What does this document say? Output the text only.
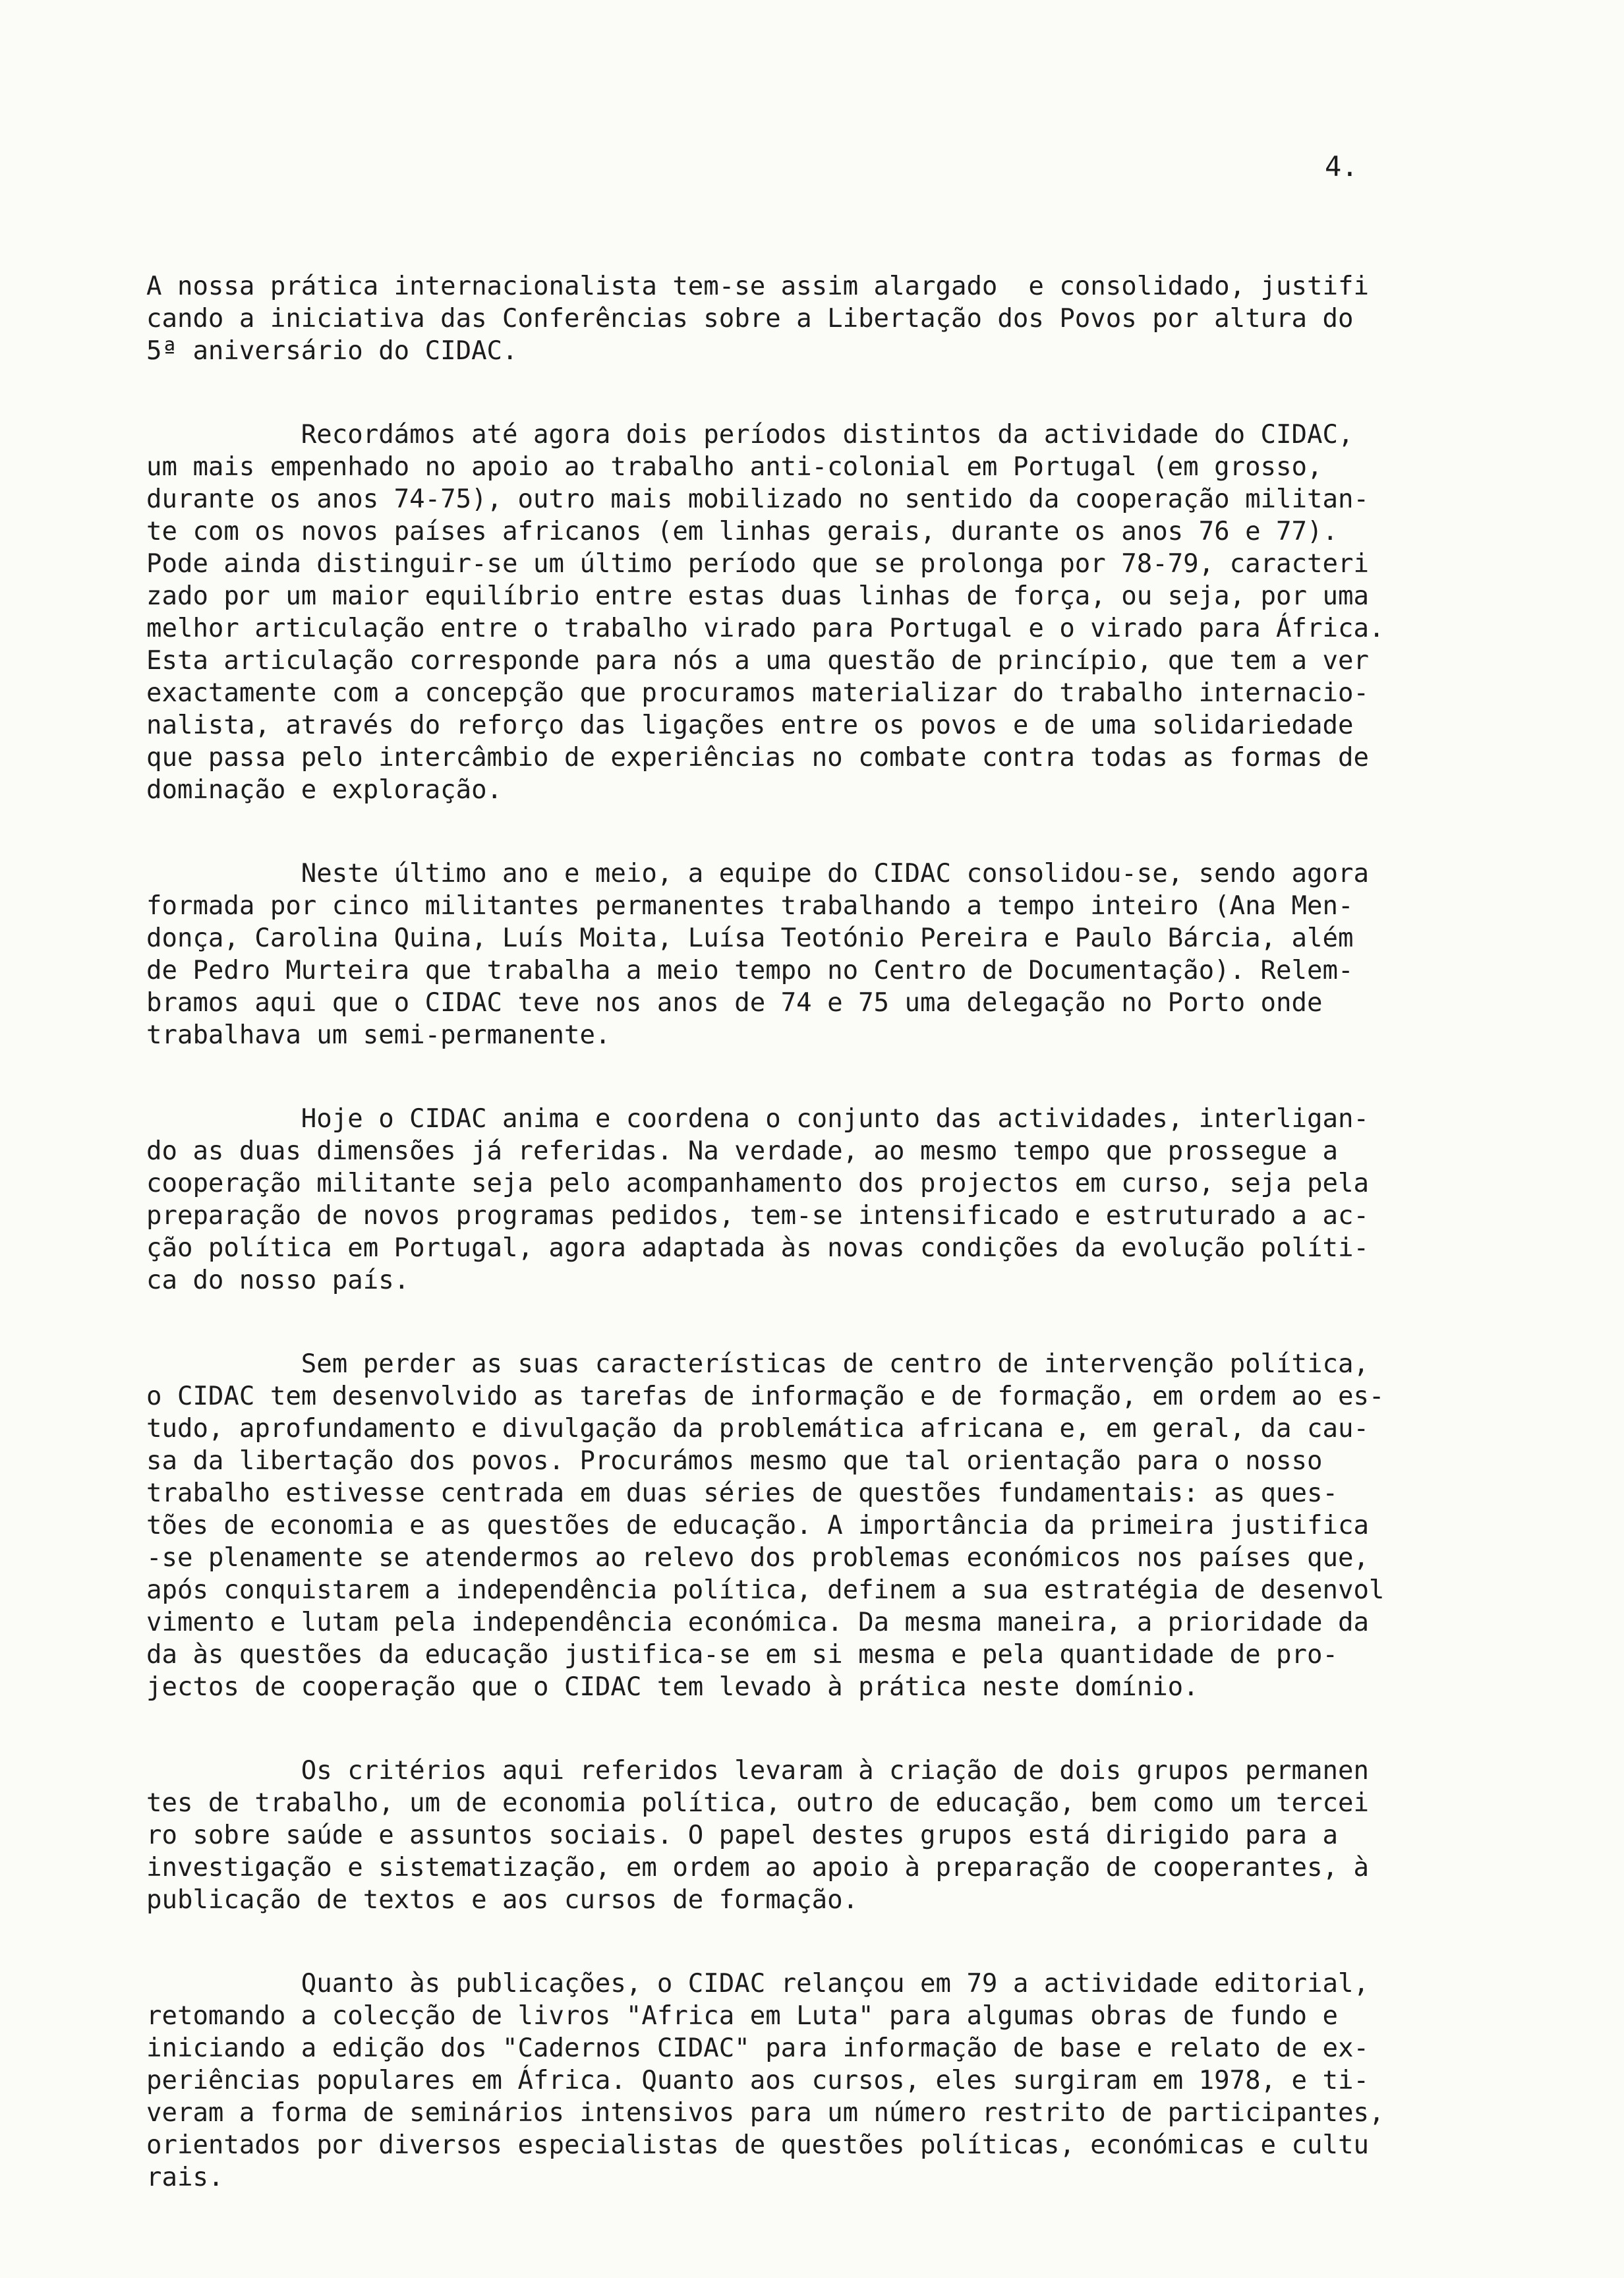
4.
A nossa prática internacionalista tem-se assim alargado  e consolidado, justifi
cando a iniciativa das Conferências sobre a Libertação dos Povos por altura do
5ª aniversário do CIDAC.
Recordámos até agora dois períodos distintos da actividade do CIDAC,
um mais empenhado no apoio ao trabalho anti-colonial em Portugal (em grosso,
durante os anos 74-75), outro mais mobilizado no sentido da cooperação militan-
te com os novos países africanos (em linhas gerais, durante os anos 76 e 77).
Pode ainda distinguir-se um último período que se prolonga por 78-79, caracteri
zado por um maior equilíbrio entre estas duas linhas de força, ou seja, por uma
melhor articulação entre o trabalho virado para Portugal e o virado para África.
Esta articulação corresponde para nós a uma questão de princípio, que tem a ver
exactamente com a concepção que procuramos materializar do trabalho internacio-
nalista, através do reforço das ligações entre os povos e de uma solidariedade
que passa pelo intercâmbio de experiências no combate contra todas as formas de
dominação e exploração.
Neste último ano e meio, a equipe do CIDAC consolidou-se, sendo agora
formada por cinco militantes permanentes trabalhando a tempo inteiro (Ana Men-
donça, Carolina Quina, Luís Moita, Luísa Teotónio Pereira e Paulo Bárcia, além
de Pedro Murteira que trabalha a meio tempo no Centro de Documentação). Relem-
bramos aqui que o CIDAC teve nos anos de 74 e 75 uma delegação no Porto onde
trabalhava um semi-permanente.
Hoje o CIDAC anima e coordena o conjunto das actividades, interligan-
do as duas dimensões já referidas. Na verdade, ao mesmo tempo que prossegue a
cooperação militante seja pelo acompanhamento dos projectos em curso, seja pela
preparação de novos programas pedidos, tem-se intensificado e estruturado a ac-
ção política em Portugal, agora adaptada às novas condições da evolução políti-
ca do nosso país.
Sem perder as suas características de centro de intervenção política,
o CIDAC tem desenvolvido as tarefas de informação e de formação, em ordem ao es-
tudo, aprofundamento e divulgação da problemática africana e, em geral, da cau-
sa da libertação dos povos. Procurámos mesmo que tal orientação para o nosso
trabalho estivesse centrada em duas séries de questões fundamentais: as ques-
tões de economia e as questões de educação. A importância da primeira justifica
-se plenamente se atendermos ao relevo dos problemas económicos nos países que,
após conquistarem a independência política, definem a sua estratégia de desenvol
vimento e lutam pela independência económica. Da mesma maneira, a prioridade da
da às questões da educação justifica-se em si mesma e pela quantidade de pro-
jectos de cooperação que o CIDAC tem levado à prática neste domínio.
Os critérios aqui referidos levaram à criação de dois grupos permanen
tes de trabalho, um de economia política, outro de educação, bem como um tercei
ro sobre saúde e assuntos sociais. O papel destes grupos está dirigido para a
investigação e sistematização, em ordem ao apoio à preparação de cooperantes, à
publicação de textos e aos cursos de formação.
Quanto às publicações, o CIDAC relançou em 79 a actividade editorial,
retomando a colecção de livros "Africa em Luta" para algumas obras de fundo e
iniciando a edição dos "Cadernos CIDAC" para informação de base e relato de ex-
periências populares em África. Quanto aos cursos, eles surgiram em 1978, e ti-
veram a forma de seminários intensivos para um número restrito de participantes,
orientados por diversos especialistas de questões políticas, económicas e cultu
rais.
